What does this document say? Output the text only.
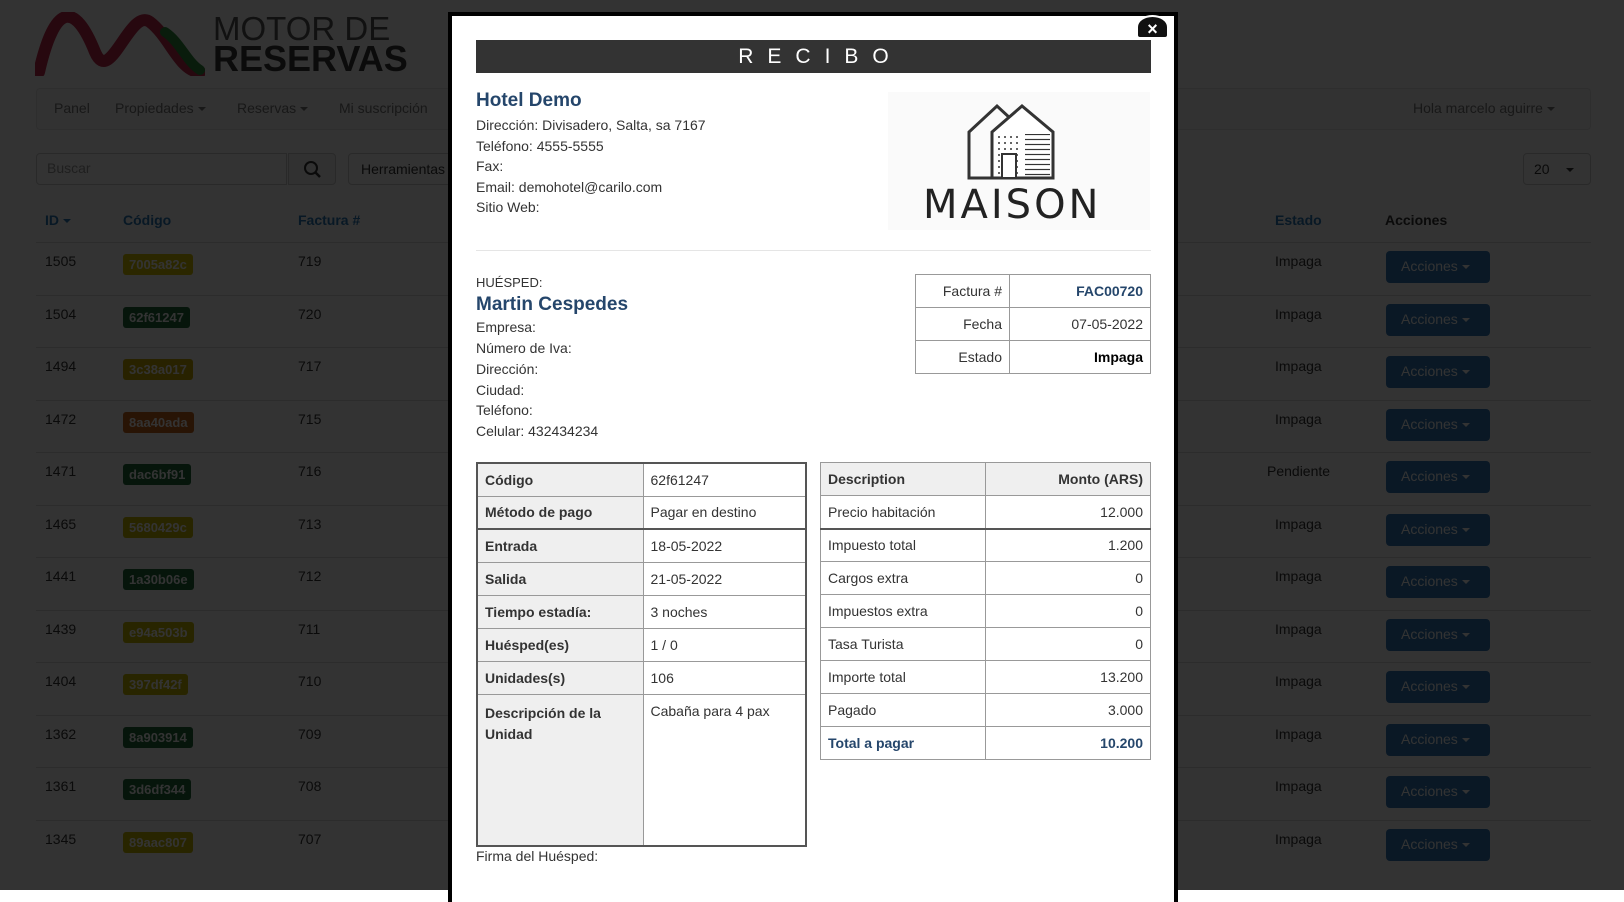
×
RECIBO
Hotel Demo
Dirección: Divisadero, Salta, sa 7167
Teléfono: 4555-5555
Fax:
Email: demohotel@carilo.com
Sitio Web:	MAISON
HUÉSPED:
Martin Cespedes
Empresa:
Número de Iva:
Dirección:
Ciudad:
Teléfono:
Celular: 432434234
Factura #	FAC00720
Fecha	07-05-2022
Estado	Impaga
Código	62f61247
Método de pago	Pagar en destino
Entrada	18-05-2022
Salida	21-05-2022
Tiempo estadía:	3 noches
Huésped(es)	1 / 0
Unidades(s)	106
Descripción de la Unidad	Cabaña para 4 pax
Description	Monto (ARS)
Precio habitación	12.000
Impuesto total	1.200
Cargos extra	0
Impuestos extra	0
Tasa Turista	0
Importe total	13.200
Pagado	3.000
Total a pagar	10.200
Firma del Huésped:
